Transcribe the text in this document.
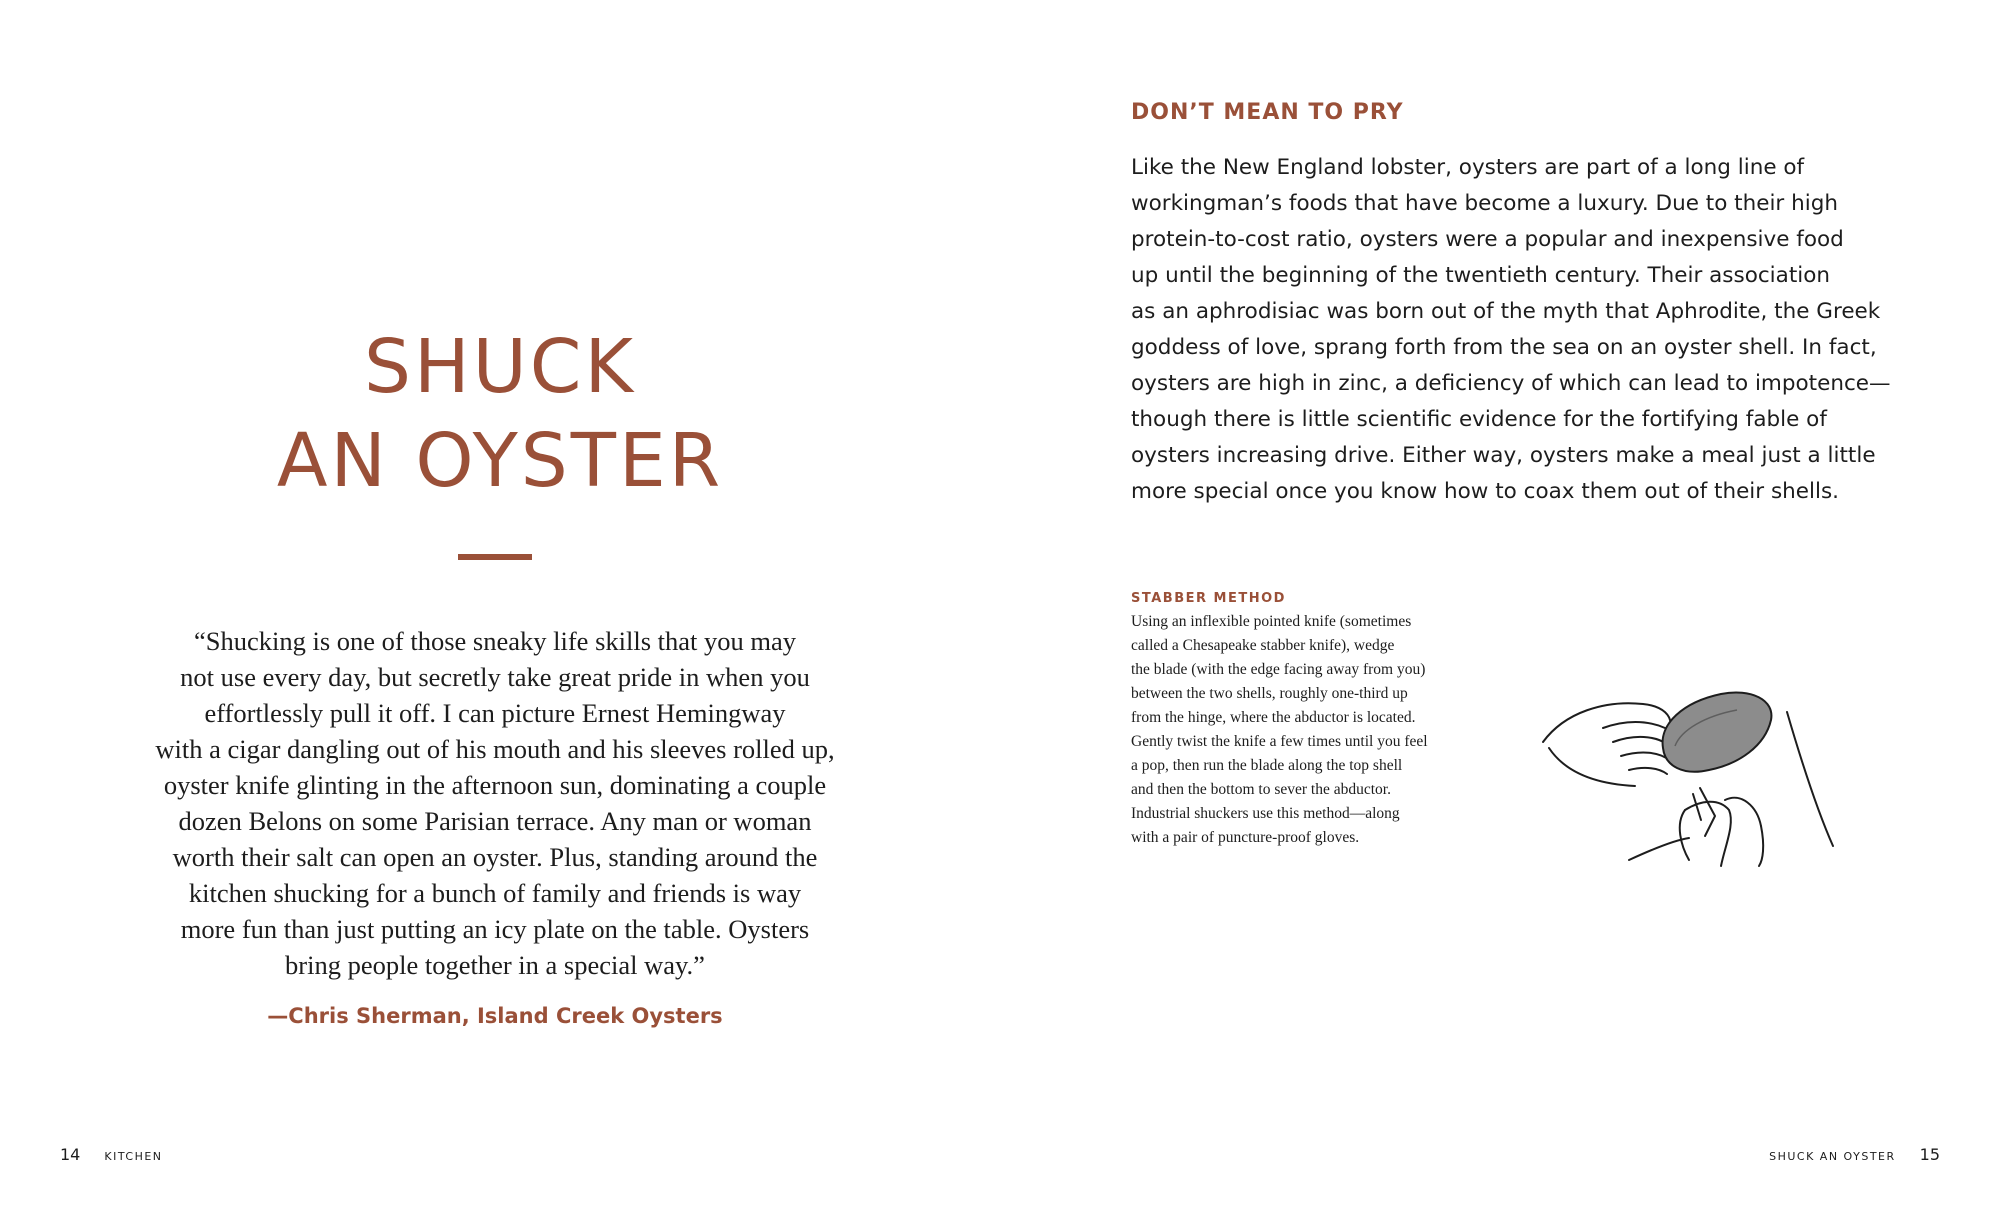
SHUCK
AN OYSTER

“Shucking is one of those sneaky life skills that you may
not use every day, but secretly take great pride in when you
effortlessly pull it off. I can picture Ernest Hemingway
with a cigar dangling out of his mouth and his sleeves rolled up,
oyster knife glinting in the afternoon sun, dominating a couple
dozen Belons on some Parisian terrace. Any man or woman
worth their salt can open an oyster. Plus, standing around the
kitchen shucking for a bunch of family and friends is way
more fun than just putting an icy plate on the table. Oysters
bring people together in a special way.”

—Chris Sherman, Island Creek Oysters
14 KITCHEN
DON’T MEAN TO PRY

Like the New England lobster, oysters are part of a long line of
workingman’s foods that have become a luxury. Due to their high
protein-to-cost ratio, oysters were a popular and inexpensive food
up until the beginning of the twentieth century. Their association
as an aphrodisiac was born out of the myth that Aphrodite, the Greek
goddess of love, sprang forth from the sea on an oyster shell. In fact,
oysters are high in zinc, a deficiency of which can lead to impotence—
though there is little scientific evidence for the fortifying fable of
oysters increasing drive. Either way, oysters make a meal just a little
more special once you know how to coax them out of their shells.

STABBER METHOD

Using an inflexible pointed knife (sometimes
called a Chesapeake stabber knife), wedge
the blade (with the edge facing away from you)
between the two shells, roughly one-third up
from the hinge, where the abductor is located.
Gently twist the knife a few times until you feel
a pop, then run the blade along the top shell
and then the bottom to sever the abductor.
Industrial shuckers use this method—along
with a pair of puncture-proof gloves.

SHUCK AN OYSTER 15
